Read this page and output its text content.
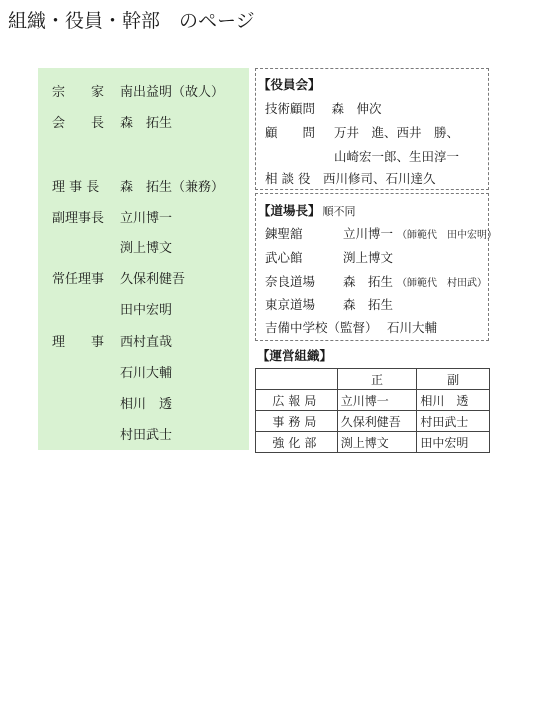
組織・役員・幹部　のページ
宗　　家 南出益明（故人）
会　　長 森　拓生
理 事 長 森　拓生（兼務）
副理事長 立川博一
渕上博文
常任理事 久保利健吾
田中宏明
理　　事 西村直哉
石川大輔
相川　透
村田武士
【役員会】
技術顧問　 森　伸次
顧　　問 万井　進、西井　勝、
山崎宏一郎、生田淳一
相 談 役　西川修司、石川達久
【道場長】 順不同
錬聖舘	立川博一 （師範代　田中宏明）
武心館	渕上博文
奈良道場 森　拓生 （師範代　村田武）
東京道場 森　拓生
吉備中学校（監督） 石川大輔
【運営組織】
	正	副
広報局	立川博一	相川　透
事務局	久保利健吾	村田武士
強化部	渕上博文	田中宏明
